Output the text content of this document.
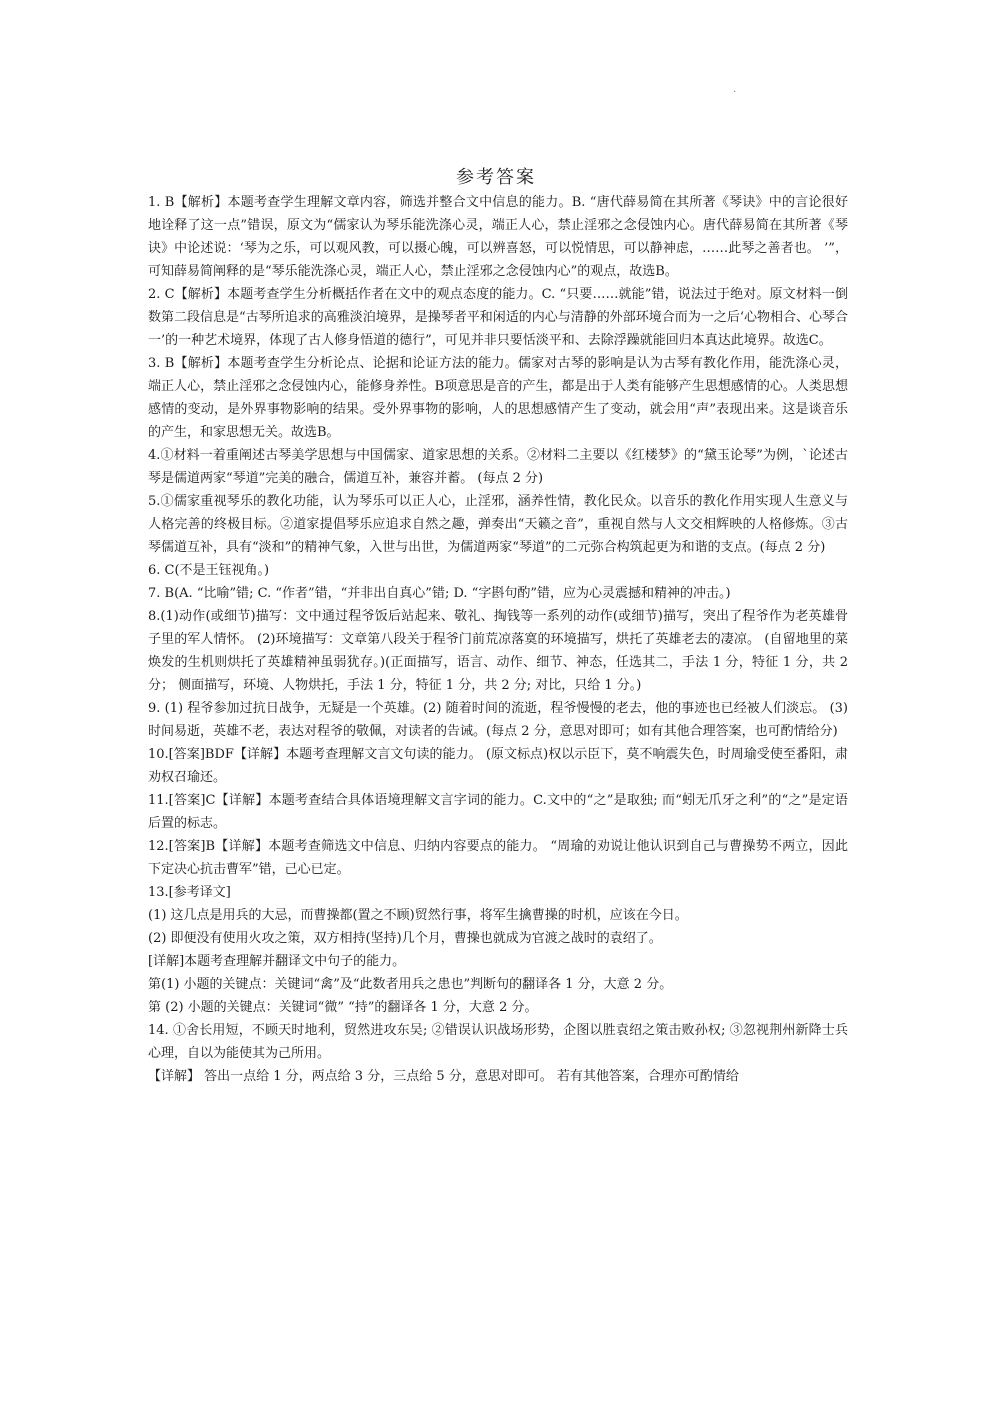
.
参考答案

1. B【解析】本题考查学生理解文章内容，筛选并整合文中信息的能力。B. “唐代薛易简在其所著《琴诀》中的言论很好地诠释了这一点”错误，原文为“儒家认为琴乐能洗涤心灵，端正人心，禁止淫邪之念侵蚀内心。唐代薛易简在其所著《琴诀》中论述说：‘琴为之乐，可以观风教，可以摄心魄，可以辨喜怒，可以悦情思，可以静神虑，……此琴之善者也。 ’”，可知薛易简阐释的是“琴乐能洗涤心灵，端正人心，禁止淫邪之念侵蚀内心”的观点，故选B。

2. C【解析】本题考查学生分析概括作者在文中的观点态度的能力。C. “只要……就能”错，说法过于绝对。原文材料一倒数第二段信息是“古琴所追求的高雅淡泊境界，是操琴者平和闲适的内心与清静的外部环境合而为一之后‘心物相合、心琴合一’的一种艺术境界，体现了古人修身悟道的德行”，可见并非只要恬淡平和、去除浮躁就能回归本真达此境界。故选C。

3. B【解析】本题考查学生分析论点、论据和论证方法的能力。儒家对古琴的影响是认为古琴有教化作用，能洗涤心灵，端正人心，禁止淫邪之念侵蚀内心，能修身养性。B项意思是音的产生，都是出于人类有能够产生思想感情的心。人类思想感情的变动，是外界事物影响的结果。受外界事物的影响，人的思想感情产生了变动，就会用“声”表现出来。这是谈音乐的产生，和家思想无关。故选B。

4.①材料一着重阐述古琴美学思想与中国儒家、道家思想的关系。②材料二主要以《红楼梦》的“黛玉论琴”为例，`论述古琴是儒道两家“琴道”完美的融合，儒道互补，兼容并蓄。 (每点 2 分)

5.①儒家重视琴乐的教化功能，认为琴乐可以正人心，止淫邪，涵养性情，教化民众。以音乐的教化作用实现人生意义与人格完善的终极目标。②道家提倡琴乐应追求自然之趣，弹奏出“天籁之音”，重视自然与人文交相辉映的人格修炼。③古琴儒道互补，具有“淡和”的精神气象，入世与出世，为儒道两家“琴道”的二元弥合构筑起更为和谐的支点。(每点 2 分)

6. C(不是王钰视角。)

7. B(A. “比喻”错; C. “作者”错，“并非出自真心”错; D. “字斟句酌”错，应为心灵震撼和精神的冲击。)

8.(1)动作(或细节)描写：文中通过程爷饭后站起来、敬礼、掏钱等一系列的动作(或细节)描写，突出了程爷作为老英雄骨子里的军人情怀。 (2)环境描写：文章第八段关于程爷门前荒凉落寞的环境描写，烘托了英雄老去的凄凉。 (自留地里的菜焕发的生机则烘托了英雄精神虽弱犹存。)(正面描写，语言、动作、细节、神态，任选其二，手法 1 分，特征 1 分，共 2 分； 侧面描写，环境、人物烘托，手法 1 分，特征 1 分，共 2 分; 对比，只给 1 分。)

9. (1) 程爷参加过抗日战争，无疑是一个英雄。(2) 随着时间的流逝，程爷慢慢的老去，他的事迹也已经被人们淡忘。 (3)时间易逝，英雄不老，表达对程爷的敬佩，对读者的告诫。(每点 2 分，意思对即可；如有其他合理答案，也可酌情给分)

10.[答案]BDF【详解】本题考查理解文言文句读的能力。 (原文标点)权以示臣下，莫不响震失色，时周瑜受使至番阳，肃劝权召瑜还。

11.[答案]C【详解】本题考查结合具体语境理解文言字词的能力。C.文中的“之”是取独; 而“蚓无爪牙之利”的“之”是定语后置的标志。

12.[答案]B【详解】本题考查筛选文中信息、归纳内容要点的能力。 “周瑜的劝说让他认识到自己与曹操势不两立，因此下定决心抗击曹军”错，己心已定。

13.[参考译文]

(1) 这几点是用兵的大忌，而曹操都(置之不顾)贸然行事，将军生擒曹操的时机，应该在今日。

(2) 即便没有使用火攻之策，双方相持(坚持)几个月，曹操也就成为官渡之战时的袁绍了。

[详解]本题考查理解并翻译文中句子的能力。

第(1) 小题的关键点：关键词“禽”及“此数者用兵之患也”判断句的翻译各 1 分，大意 2 分。

第 (2) 小题的关键点：关键词“微” “持”的翻译各 1 分，大意 2 分。

14. ①舍长用短，不顾天时地利，贸然进攻东吴; ②错误认识战场形势，企图以胜袁绍之策击败孙权; ③忽视荆州新降士兵心理，自以为能使其为己所用。

【详解】 答出一点给 1 分，两点给 3 分，三点给 5 分，意思对即可。 若有其他答案，合理亦可酌情给
